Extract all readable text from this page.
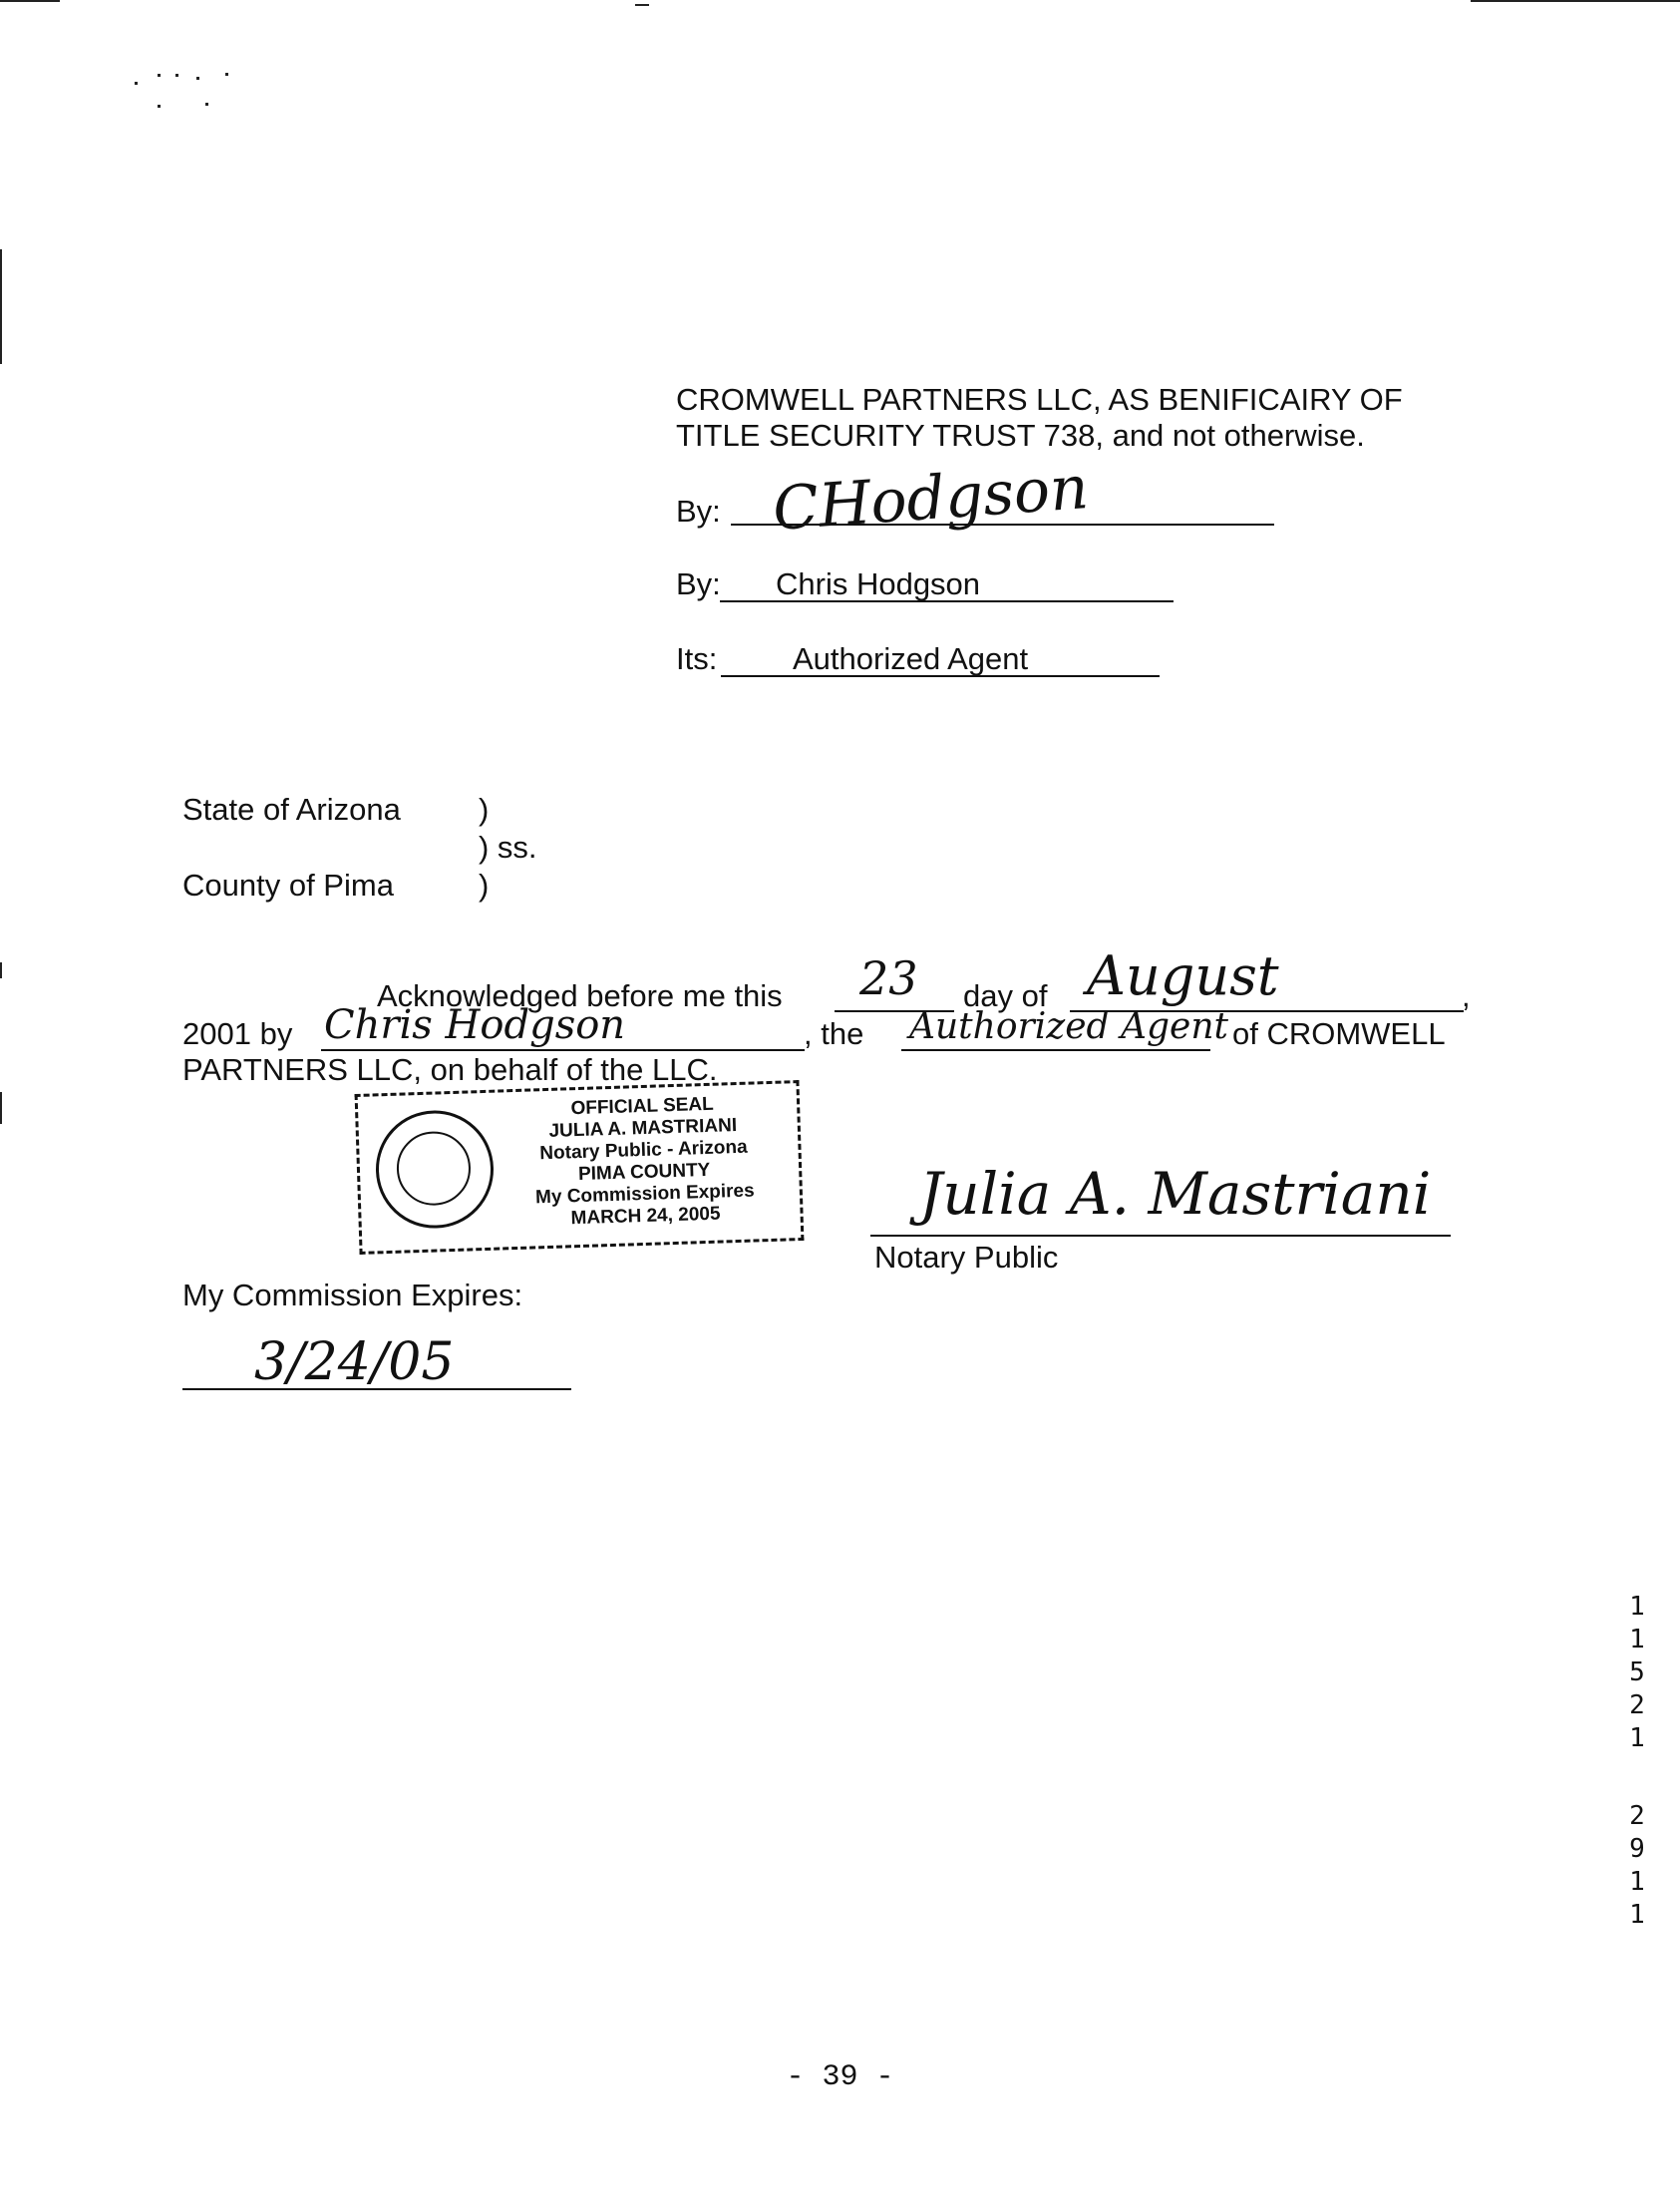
CROMWELL PARTNERS LLC, AS BENIFICAIRY OF
TITLE SECURITY TRUST 738, and not otherwise.
By: CHodgson
By: Chris Hodgson
Its: Authorized Agent
State of Arizona	)
) ss.
County of Pima	)
Acknowledged before me this 23 day of August	,
2001 by Chris Hodgson	, the Authorized Agent of CROMWELL
PARTNERS LLC, on behalf of the LLC.
OFFICIAL SEAL
JULIA A. MASTRIANI
Notary Public - Arizona
PIMA COUNTY
My Commission Expires
MARCH 24, 2005	Julia A. Mastriani
Notary Public
My Commission Expires:
3/24/05
1
1
5
2
1
2
9
1
1
- 39 -
